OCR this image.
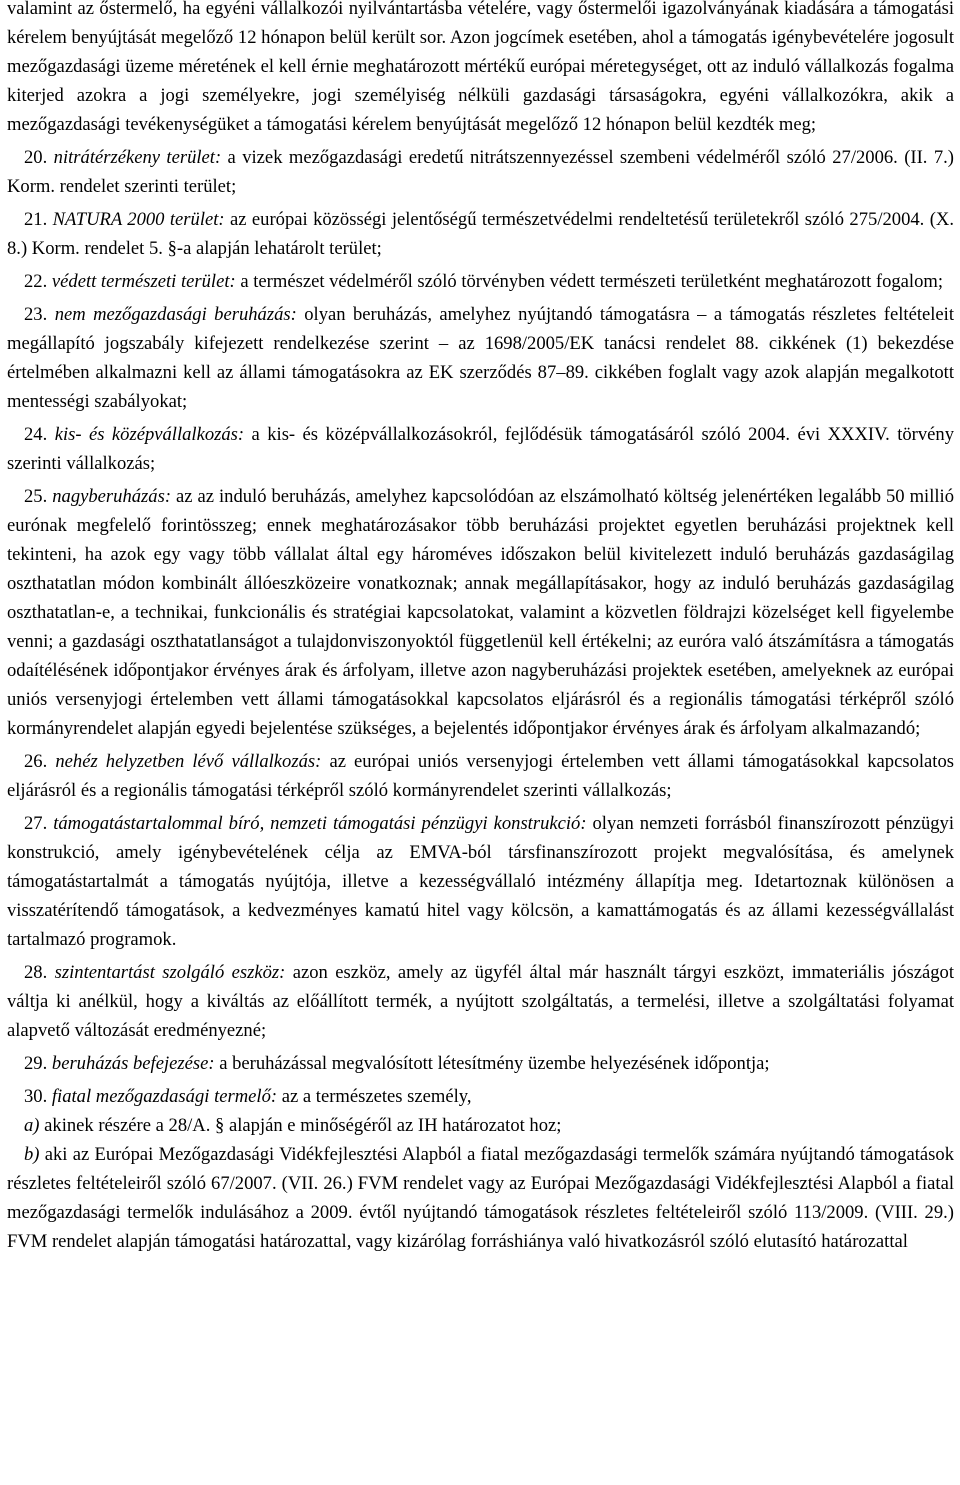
valamint az őstermelő, ha egyéni vállalkozói nyilvántartásba vételére, vagy őstermelői igazolványának kiadására a támogatási kérelem benyújtását megelőző 12 hónapon belül került sor. Azon jogcímek esetében, ahol a támogatás igénybevételére jogosult mezőgazdasági üzeme méretének el kell érnie meghatározott mértékű európai méretegységet, ott az induló vállalkozás fogalma kiterjed azokra a jogi személyekre, jogi személyiség nélküli gazdasági társaságokra, egyéni vállalkozókra, akik a mezőgazdasági tevékenységüket a támogatási kérelem benyújtását megelőző 12 hónapon belül kezdték meg;

20. nitrátérzékeny terület: a vizek mezőgazdasági eredetű nitrátszennyezéssel szembeni védelméről szóló 27/2006. (II. 7.) Korm. rendelet szerinti terület;

21. NATURA 2000 terület: az európai közösségi jelentőségű természetvédelmi rendeltetésű területekről szóló 275/2004. (X. 8.) Korm. rendelet 5. §-a alapján lehatárolt terület;

22. védett természeti terület: a természet védelméről szóló törvényben védett természeti területként meghatározott fogalom;

23. nem mezőgazdasági beruházás: olyan beruházás, amelyhez nyújtandó támogatásra – a támogatás részletes feltételeit megállapító jogszabály kifejezett rendelkezése szerint – az 1698/2005/EK tanácsi rendelet 88. cikkének (1) bekezdése értelmében alkalmazni kell az állami támogatásokra az EK szerződés 87–89. cikkében foglalt vagy azok alapján megalkotott mentességi szabályokat;

24. kis- és középvállalkozás: a kis- és középvállalkozásokról, fejlődésük támogatásáról szóló 2004. évi XXXIV. törvény szerinti vállalkozás;

25. nagyberuházás: az az induló beruházás, amelyhez kapcsolódóan az elszámolható költség jelenértéken legalább 50 millió eurónak megfelelő forintösszeg; ennek meghatározásakor több beruházási projektet egyetlen beruházási projektnek kell tekinteni, ha azok egy vagy több vállalat által egy hároméves időszakon belül kivitelezett induló beruházás gazdaságilag oszthatatlan módon kombinált állóeszközeire vonatkoznak; annak megállapításakor, hogy az induló beruházás gazdaságilag oszthatatlan-e, a technikai, funkcionális és stratégiai kapcsolatokat, valamint a közvetlen földrajzi közelséget kell figyelembe venni; a gazdasági oszthatatlanságot a tulajdonviszonyoktól függetlenül kell értékelni; az euróra való átszámításra a támogatás odaítélésének időpontjakor érvényes árak és árfolyam, illetve azon nagyberuházási projektek esetében, amelyeknek az európai uniós versenyjogi értelemben vett állami támogatásokkal kapcsolatos eljárásról és a regionális támogatási térképről szóló kormányrendelet alapján egyedi bejelentése szükséges, a bejelentés időpontjakor érvényes árak és árfolyam alkalmazandó;

26. nehéz helyzetben lévő vállalkozás: az európai uniós versenyjogi értelemben vett állami támogatásokkal kapcsolatos eljárásról és a regionális támogatási térképről szóló kormányrendelet szerinti vállalkozás;

27. támogatástartalommal bíró, nemzeti támogatási pénzügyi konstrukció: olyan nemzeti forrásból finanszírozott pénzügyi konstrukció, amely igénybevételének célja az EMVA-ból társfinanszírozott projekt megvalósítása, és amelynek támogatástartalmát a támogatás nyújtója, illetve a kezességvállaló intézmény állapítja meg. Idetartoznak különösen a visszatérítendő támogatások, a kedvezményes kamatú hitel vagy kölcsön, a kamattámogatás és az állami kezességvállalást tartalmazó programok.

28. szintentartást szolgáló eszköz: azon eszköz, amely az ügyfél által már használt tárgyi eszközt, immateriális jószágot váltja ki anélkül, hogy a kiváltás az előállított termék, a nyújtott szolgáltatás, a termelési, illetve a szolgáltatási folyamat alapvető változását eredményezné;

29. beruházás befejezése: a beruházással megvalósított létesítmény üzembe helyezésének időpontja;

30. fiatal mezőgazdasági termelő: az a természetes személy,

a) akinek részére a 28/A. § alapján e minőségéről az IH határozatot hoz;

b) aki az Európai Mezőgazdasági Vidékfejlesztési Alapból a fiatal mezőgazdasági termelők számára nyújtandó támogatások részletes feltételeiről szóló 67/2007. (VII. 26.) FVM rendelet vagy az Európai Mezőgazdasági Vidékfejlesztési Alapból a fiatal mezőgazdasági termelők indulásához a 2009. évtől nyújtandó támogatások részletes feltételeiről szóló 113/2009. (VIII. 29.) FVM rendelet alapján támogatási határozattal, vagy kizárólag forráshiánya való hivatkozásról szóló elutasító határozattal
